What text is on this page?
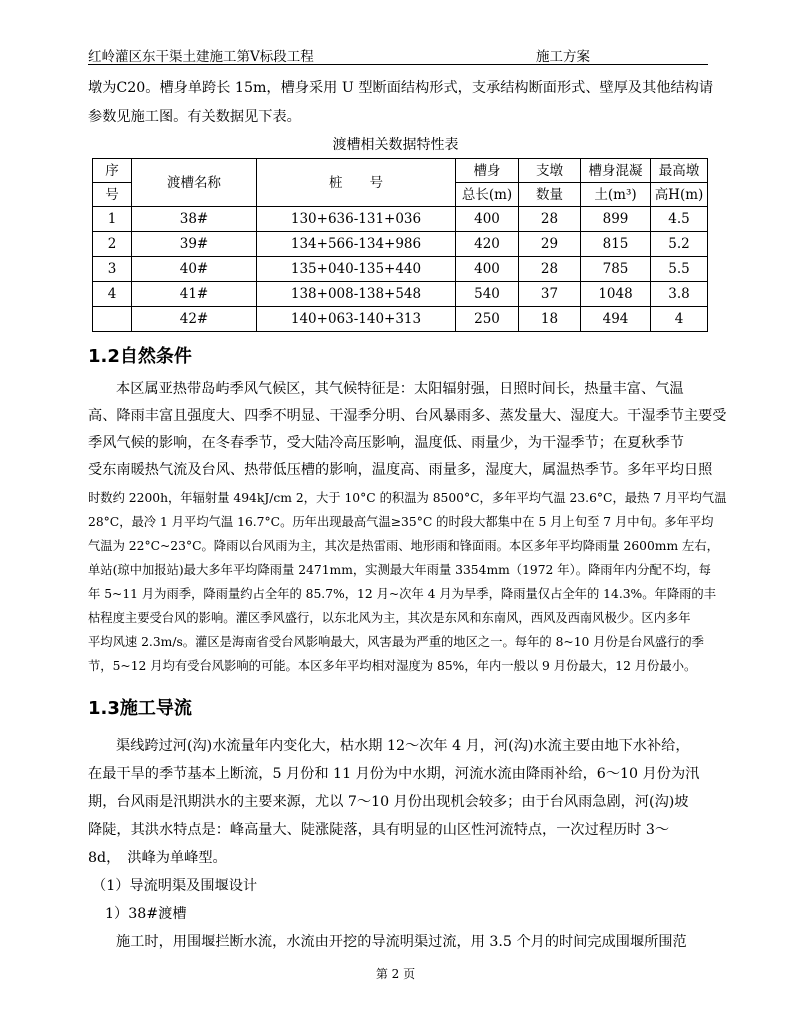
红岭灌区东干渠土建施工第Ⅴ标段工程	施工方案

墩为C20。槽身单跨长 15m，槽身采用 U 型断面结构形式，支承结构断面形式、壁厚及其他结构请

参数见施工图。有关数据见下表。

渡槽相关数据特性表
序	渡槽名称	桩　　号	槽身	支墩	槽身混凝	最高墩
号			总长(m)	数量	土(m³)	高H(m)
1	38#	130+636-131+036	400	28	899	4.5
2	39#	134+566-134+986	420	29	815	5.2
3	40#	135+040-135+440	400	28	785	5.5
4	41#	138+008-138+548	540	37	1048	3.8
	42#	140+063-140+313	250	18	494	4
1.2自然条件

本区属亚热带岛屿季风气候区，其气候特征是：太阳辐射强，日照时间长，热量丰富、气温

高、降雨丰富且强度大、四季不明显、干湿季分明、台风暴雨多、蒸发量大、湿度大。干湿季节主要受

季风气候的影响，在冬春季节，受大陆冷高压影响，温度低、雨量少，为干湿季节；在夏秋季节

受东南暖热气流及台风、热带低压槽的影响，温度高、雨量多，湿度大，属温热季节。多年平均日照

时数约 2200h，年辐射量 494kJ/cm 2，大于 10°C 的积温为 8500°C，多年平均气温 23.6°C，最热 7 月平均气温

28°C，最冷 1 月平均气温 16.7°C。历年出现最高气温≥35°C 的时段大都集中在 5 月上旬至 7 月中旬。多年平均

气温为 22°C~23°C。降雨以台风雨为主，其次是热雷雨、地形雨和锋面雨。本区多年平均降雨量 2600mm 左右，

单站(琼中加报站)最大多年平均降雨量 2471mm，实测最大年雨量 3354mm（1972 年）。降雨年内分配不均，每

年 5~11 月为雨季，降雨量约占全年的 85.7%，12 月~次年 4 月为旱季，降雨量仅占全年的 14.3%。年降雨的丰

枯程度主要受台风的影响。灌区季风盛行，以东北风为主，其次是东风和东南风，西风及西南风极少。区内多年

平均风速 2.3m/s。灌区是海南省受台风影响最大，风害最为严重的地区之一。每年的 8~10 月份是台风盛行的季

节，5~12 月均有受台风影响的可能。本区多年平均相对湿度为 85%，年内一般以 9 月份最大，12 月份最小。

1.3施工导流

渠线跨过河(沟)水流量年内变化大，枯水期 12～次年 4 月，河(沟)水流主要由地下水补给，

在最干旱的季节基本上断流，5 月份和 11 月份为中水期，河流水流由降雨补给，6～10 月份为汛

期，台风雨是汛期洪水的主要来源，尤以 7～10 月份出现机会较多；由于台风雨急剧，河(沟)坡

降陡，其洪水特点是：峰高量大、陡涨陡落，具有明显的山区性河流特点，一次过程历时 3～

8d，　洪峰为单峰型。

（1）导流明渠及围堰设计

1）38#渡槽

施工时，用围堰拦断水流，水流由开挖的导流明渠过流，用 3.5 个月的时间完成围堰所围范

第 2 页
